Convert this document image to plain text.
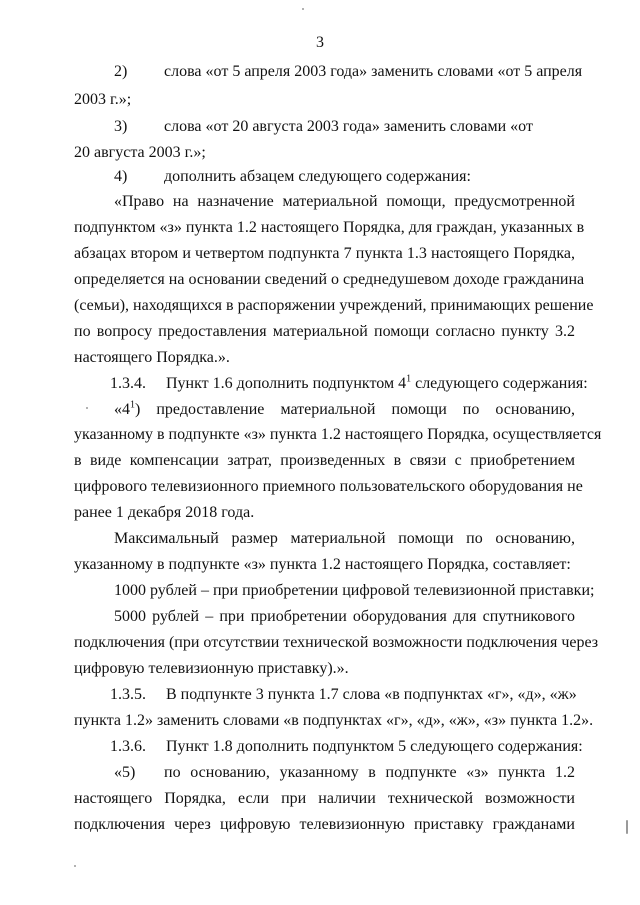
3
2) слова «от 5 апреля 2003 года» заменить словами «от 5 апреля
2003 г.»;
3) слова «от 20 августа 2003 года» заменить словами «от
20 августа 2003 г.»;
4) дополнить абзацем следующего содержания:
«Право на назначение материальной помощи, предусмотренной
подпунктом «з» пункта 1.2 настоящего Порядка, для граждан, указанных в
абзацах втором и четвертом подпункта 7 пункта 1.3 настоящего Порядка,
определяется на основании сведений о среднедушевом доходе гражданина
(семьи), находящихся в распоряжении учреждений, принимающих решение
по вопросу предоставления материальной помощи согласно пункту 3.2
настоящего Порядка.».
1.3.4. Пункт 1.6 дополнить подпунктом $4^1$ следующего содержания:
«$4^1$) предоставление материальной помощи по основанию,
указанному в подпункте «з» пункта 1.2 настоящего Порядка, осуществляется
в виде компенсации затрат, произведенных в связи с приобретением
цифрового телевизионного приемного пользовательского оборудования не
ранее 1 декабря 2018 года.
Максимальный размер материальной помощи по основанию,
указанному в подпункте «з» пункта 1.2 настоящего Порядка, составляет:
1000 рублей – при приобретении цифровой телевизионной приставки;
5000 рублей – при приобретении оборудования для спутникового
подключения (при отсутствии технической возможности подключения через
цифровую телевизионную приставку).».
1.3.5. В подпункте 3 пункта 1.7 слова «в подпунктах «г», «д», «ж»
пункта 1.2» заменить словами «в подпунктах «г», «д», «ж», «з» пункта 1.2».
1.3.6. Пункт 1.8 дополнить подпунктом 5 следующего содержания:
«5) по основанию, указанному в подпункте «з» пункта 1.2
настоящего Порядка, если при наличии технической возможности
подключения через цифровую телевизионную приставку гражданами
